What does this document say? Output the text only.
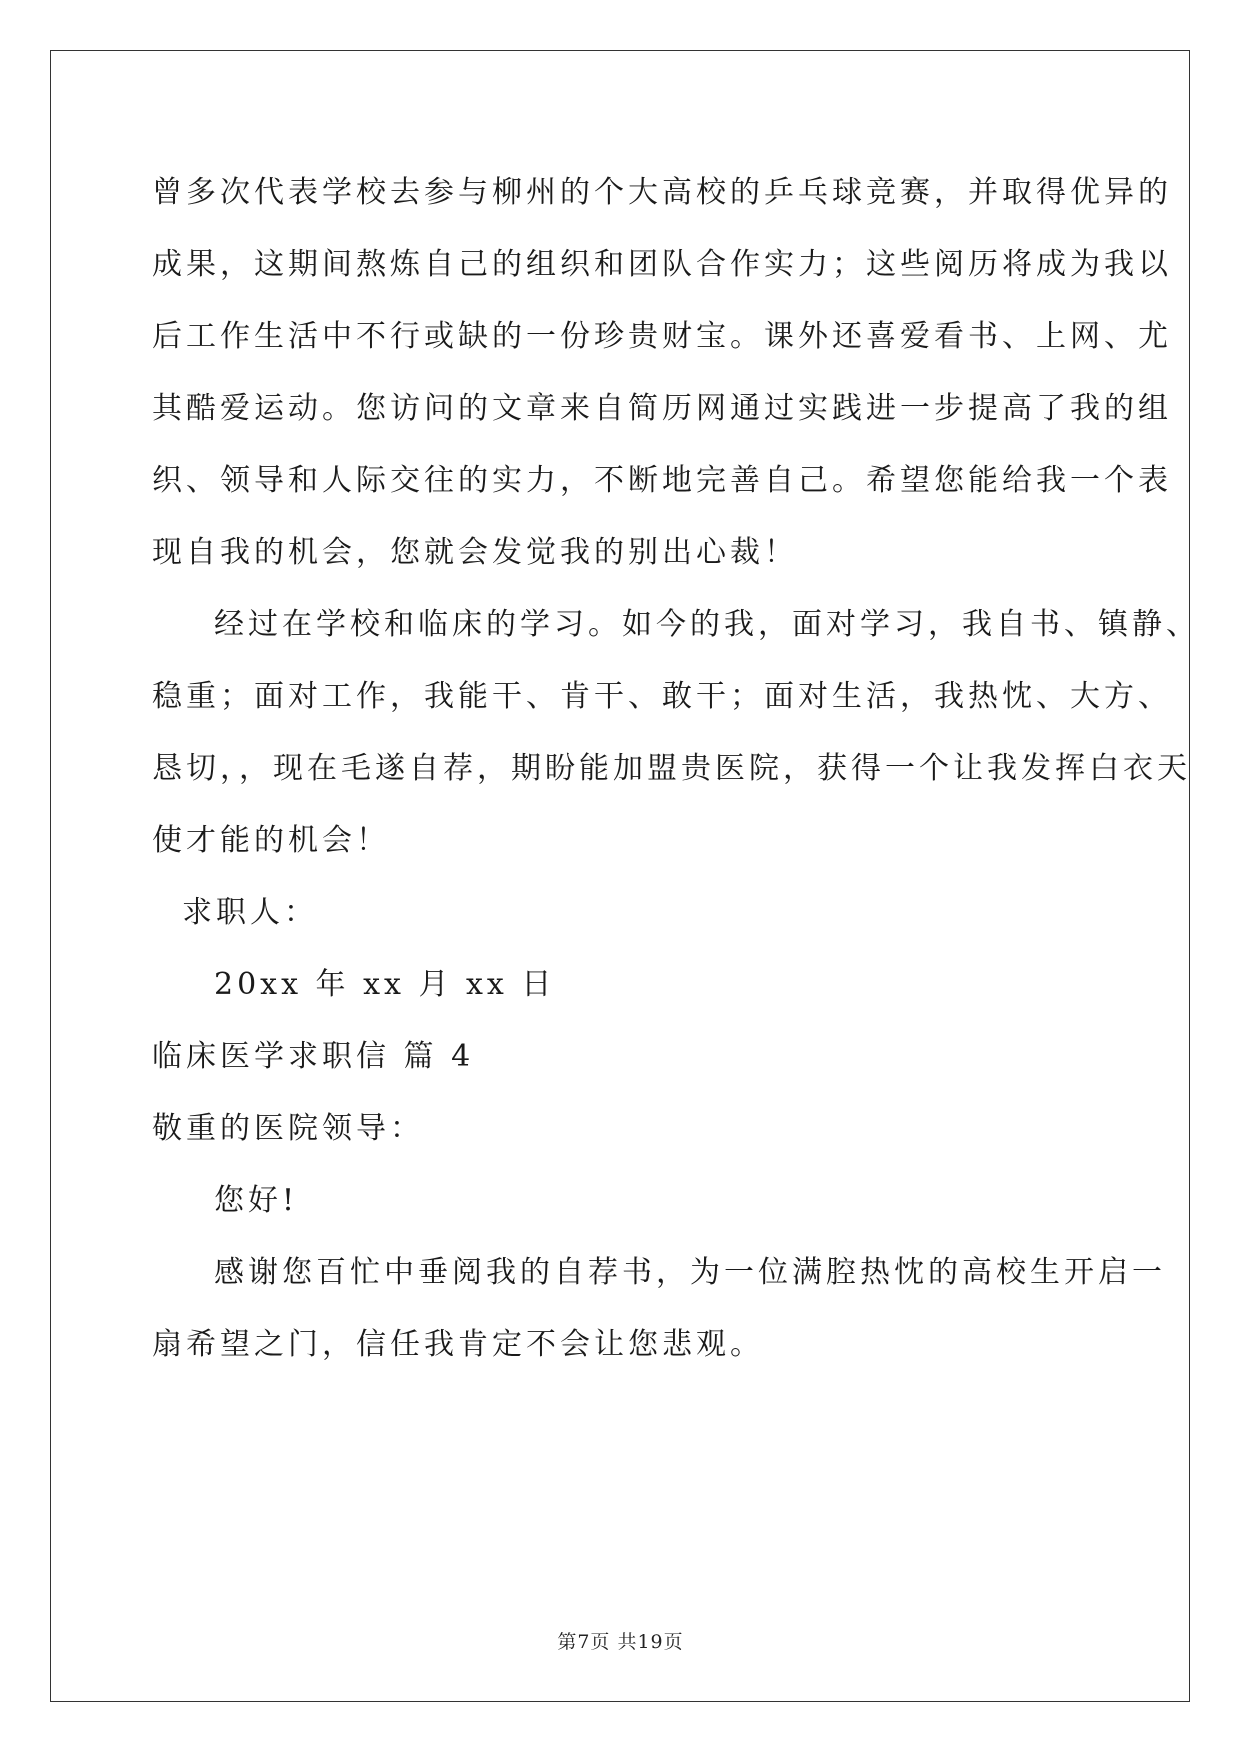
曾多次代表学校去参与柳州的个大高校的乒乓球竞赛，并取得优异的
成果，这期间熬炼自己的组织和团队合作实力；这些阅历将成为我以
后工作生活中不行或缺的一份珍贵财宝。课外还喜爱看书、上网、尤
其酷爱运动。您访问的文章来自简历网通过实践进一步提高了我的组
织、领导和人际交往的实力，不断地完善自己。希望您能给我一个表
现自我的机会，您就会发觉我的别出心裁！
经过在学校和临床的学习。如今的我，面对学习，我自书、镇静、
稳重；面对工作，我能干、肯干、敢干；面对生活，我热忱、大方、
恳切，，现在毛遂自荐，期盼能加盟贵医院，获得一个让我发挥白衣天
使才能的机会！
求职人：
20xx 年 xx 月 xx 日
临床医学求职信 篇 4
敬重的医院领导：
您好!
感谢您百忙中垂阅我的自荐书，为一位满腔热忱的高校生开启一
扇希望之门，信任我肯定不会让您悲观。
第7页 共19页
